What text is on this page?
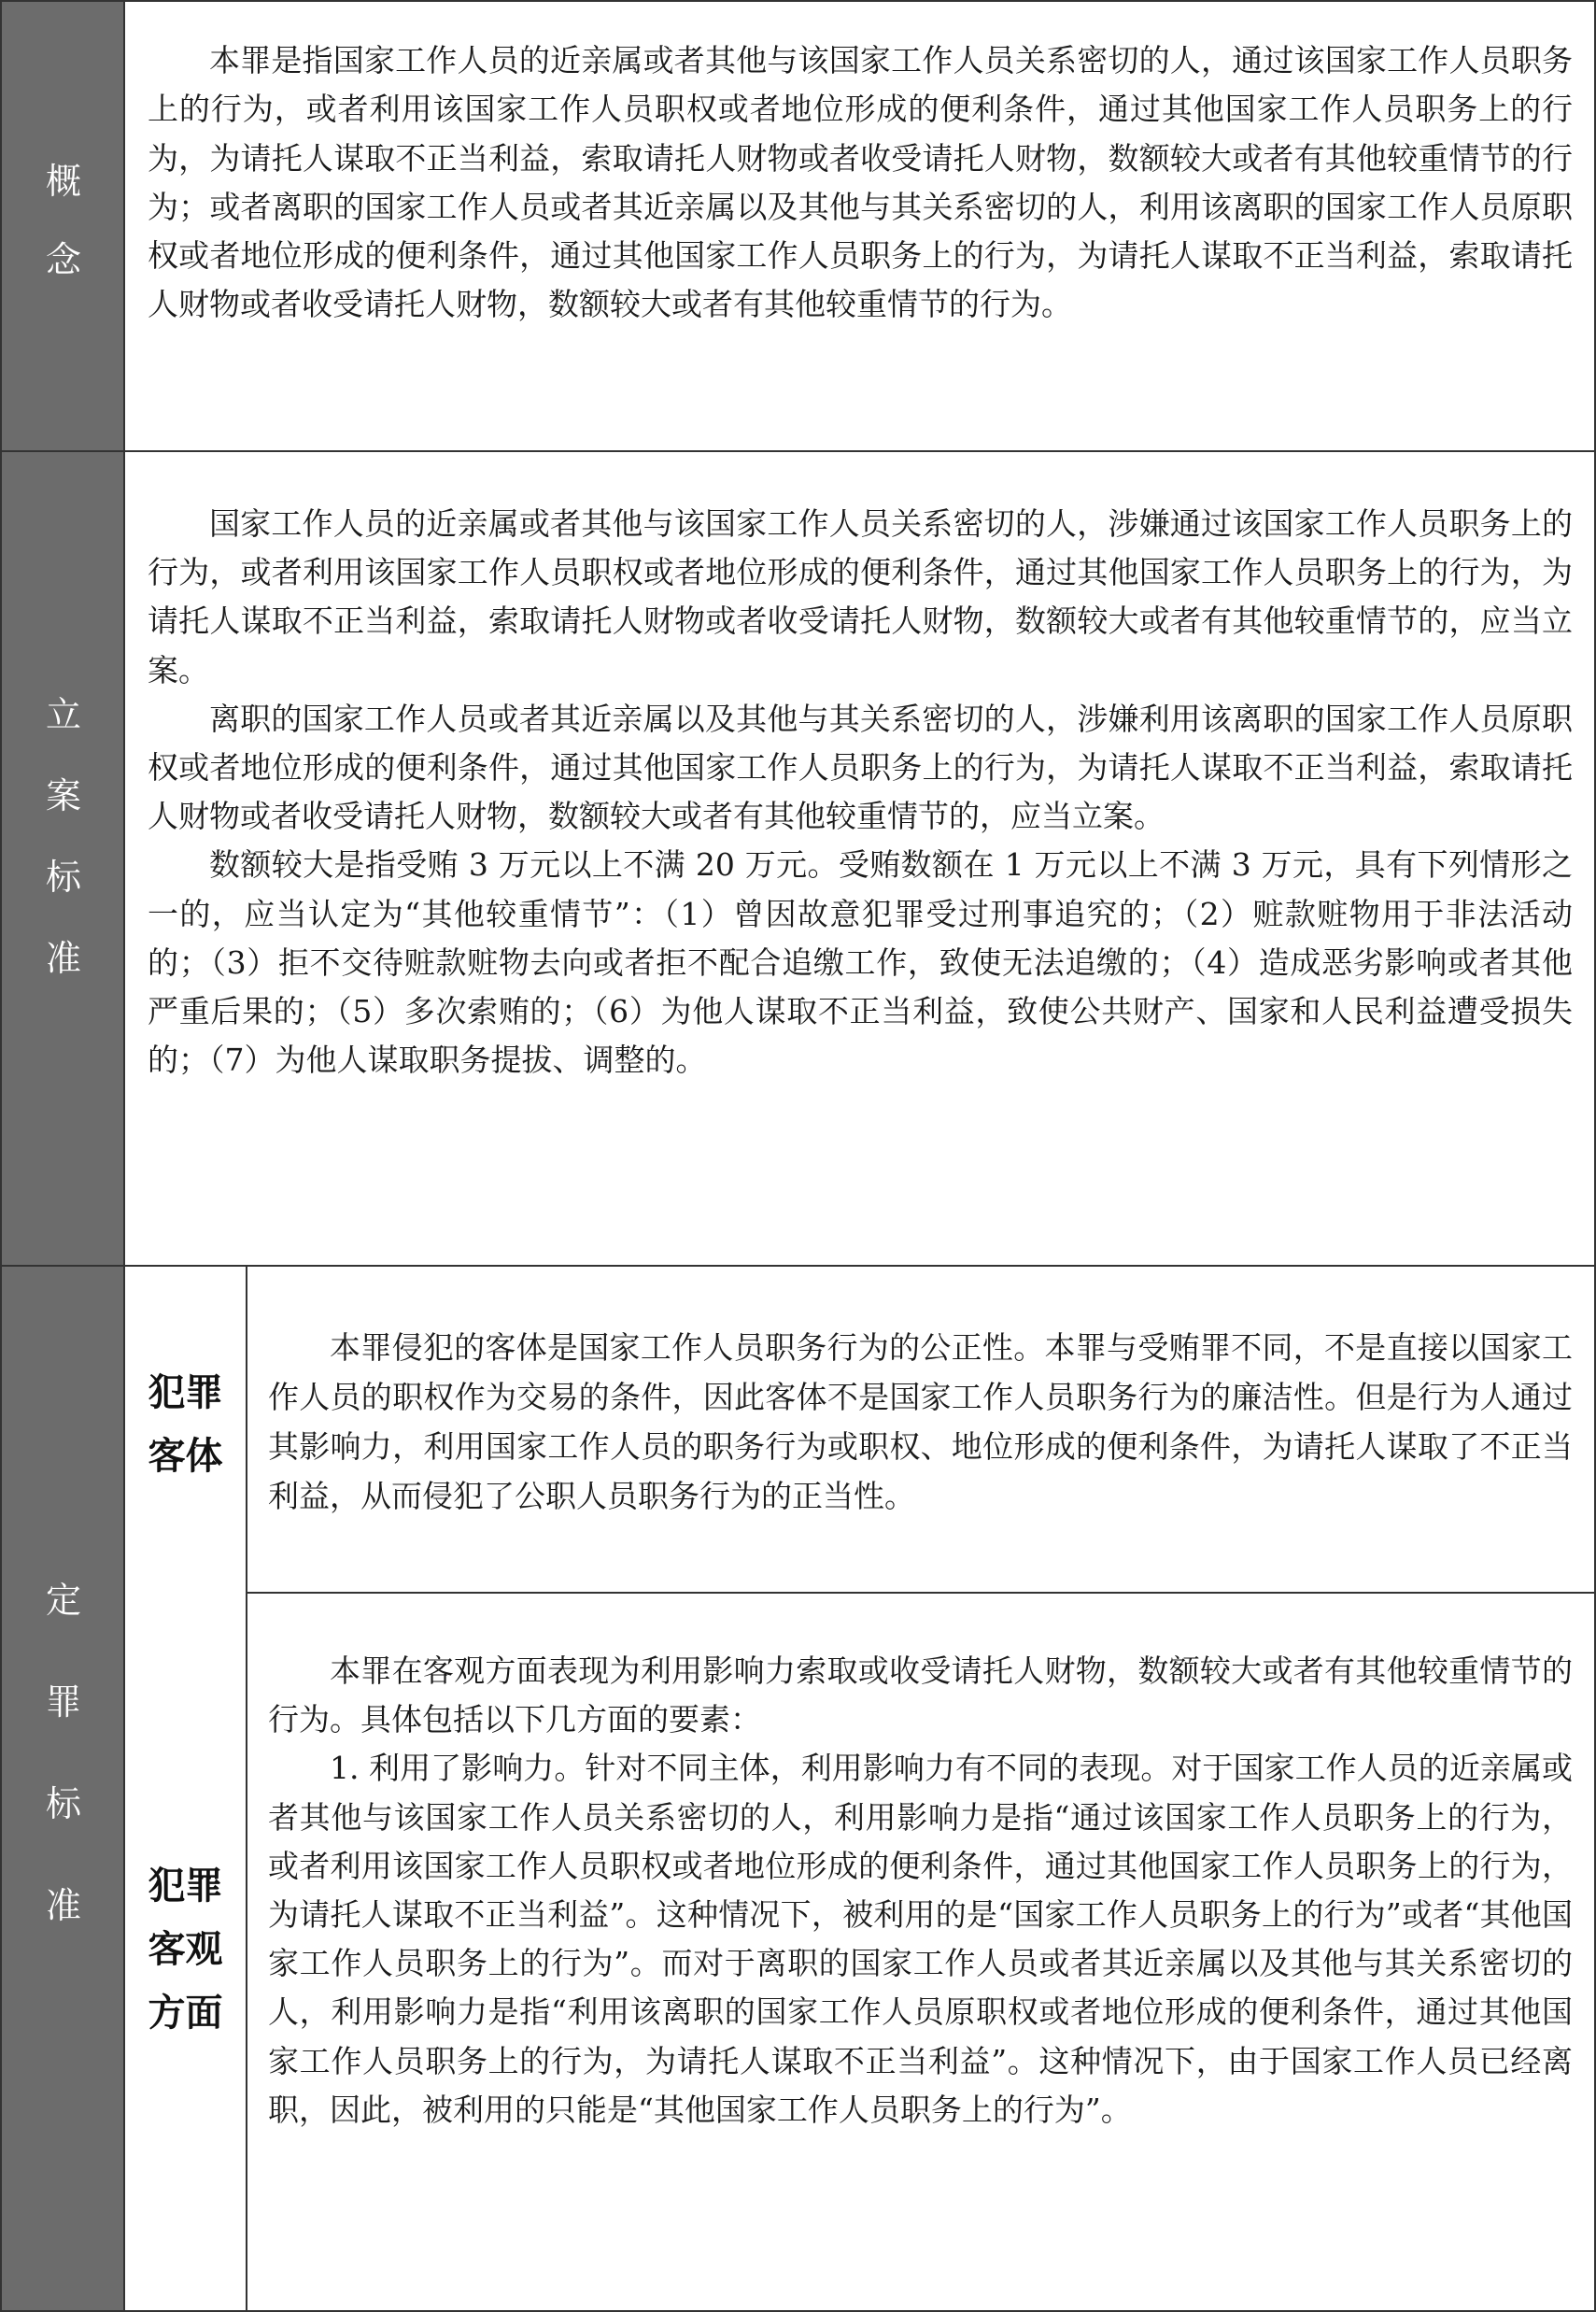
概
念

本罪是指国家工作人员的近亲属或者其他与该国家工作人员关系密切的人，通过该国家工作人员职务上的行为，或者利用该国家工作人员职权或者地位形成的便利条件，通过其他国家工作人员职务上的行为，为请托人谋取不正当利益，索取请托人财物或者收受请托人财物，数额较大或者有其他较重情节的行为；或者离职的国家工作人员或者其近亲属以及其他与其关系密切的人，利用该离职的国家工作人员原职权或者地位形成的便利条件，通过其他国家工作人员职务上的行为，为请托人谋取不正当利益，索取请托人财物或者收受请托人财物，数额较大或者有其他较重情节的行为。

立
案
标
准

国家工作人员的近亲属或者其他与该国家工作人员关系密切的人，涉嫌通过该国家工作人员职务上的行为，或者利用该国家工作人员职权或者地位形成的便利条件，通过其他国家工作人员职务上的行为，为请托人谋取不正当利益，索取请托人财物或者收受请托人财物，数额较大或者有其他较重情节的，应当立案。

离职的国家工作人员或者其近亲属以及其他与其关系密切的人，涉嫌利用该离职的国家工作人员原职权或者地位形成的便利条件，通过其他国家工作人员职务上的行为，为请托人谋取不正当利益，索取请托人财物或者收受请托人财物，数额较大或者有其他较重情节的，应当立案。

数额较大是指受贿 3 万元以上不满 20 万元。受贿数额在 1 万元以上不满 3 万元，具有下列情形之一的，应当认定为“其他较重情节”：（1）曾因故意犯罪受过刑事追究的；（2）赃款赃物用于非法活动的；（3）拒不交待赃款赃物去向或者拒不配合追缴工作，致使无法追缴的；（4）造成恶劣影响或者其他严重后果的；（5）多次索贿的；（6）为他人谋取不正当利益，致使公共财产、国家和人民利益遭受损失的；（7）为他人谋取职务提拔、调整的。

定
罪
标
准
犯罪
客体

本罪侵犯的客体是国家工作人员职务行为的公正性。本罪与受贿罪不同，不是直接以国家工作人员的职权作为交易的条件，因此客体不是国家工作人员职务行为的廉洁性。但是行为人通过其影响力，利用国家工作人员的职务行为或职权、地位形成的便利条件，为请托人谋取了不正当利益，从而侵犯了公职人员职务行为的正当性。

犯罪
客观
方面

本罪在客观方面表现为利用影响力索取或收受请托人财物，数额较大或者有其他较重情节的行为。具体包括以下几方面的要素：

1. 利用了影响力。针对不同主体，利用影响力有不同的表现。对于国家工作人员的近亲属或者其他与该国家工作人员关系密切的人，利用影响力是指“通过该国家工作人员职务上的行为，或者利用该国家工作人员职权或者地位形成的便利条件，通过其他国家工作人员职务上的行为，为请托人谋取不正当利益”。这种情况下，被利用的是“国家工作人员职务上的行为”或者“其他国家工作人员职务上的行为”。而对于离职的国家工作人员或者其近亲属以及其他与其关系密切的人，利用影响力是指“利用该离职的国家工作人员原职权或者地位形成的便利条件，通过其他国家工作人员职务上的行为，为请托人谋取不正当利益”。这种情况下，由于国家工作人员已经离职，因此，被利用的只能是“其他国家工作人员职务上的行为”。
